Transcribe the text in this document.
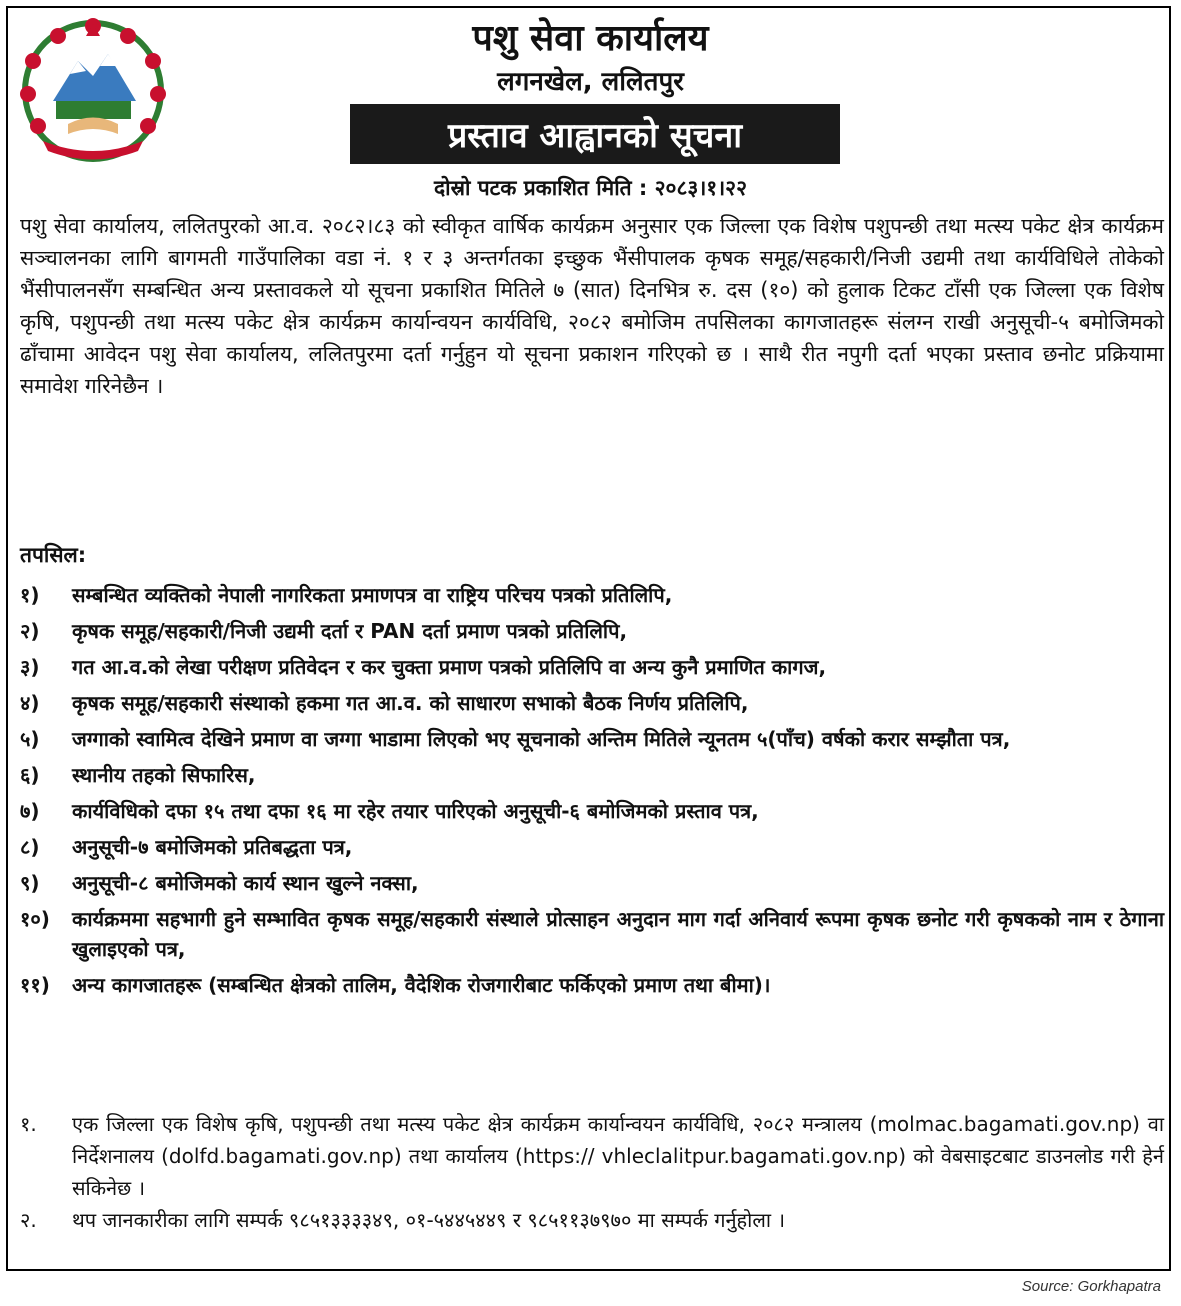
पशु सेवा कार्यालय
लगनखेल, ललितपुर
प्रस्ताव आह्वानको सूचना
दोस्रो पटक प्रकाशित मिति : २०८३।१।२२

पशु सेवा कार्यालय, ललितपुरको आ.व. २०८२।८३ को स्वीकृत वार्षिक कार्यक्रम अनुसार एक जिल्ला एक विशेष पशुपन्छी तथा मत्स्य पकेट क्षेत्र कार्यक्रम सञ्चालनका लागि बागमती गाउँपालिका वडा नं. १ र ३ अन्तर्गतका इच्छुक भैंसीपालक कृषक समूह/सहकारी/निजी उद्यमी तथा कार्यविधिले तोकेको भैंसीपालनसँग सम्बन्धित अन्य प्रस्तावकले यो सूचना प्रकाशित मितिले ७ (सात) दिनभित्र रु. दस (१०) को हुलाक टिकट टाँसी एक जिल्ला एक विशेष कृषि, पशुपन्छी तथा मत्स्य पकेट क्षेत्र कार्यक्रम कार्यान्वयन कार्यविधि, २०८२ बमोजिम तपसिलका कागजातहरू संलग्न राखी अनुसूची-५ बमोजिमको ढाँचामा आवेदन पशु सेवा कार्यालय, ललितपुरमा दर्ता गर्नुहुन यो सूचना प्रकाशन गरिएको छ । साथै रीत नपुगी दर्ता भएका प्रस्ताव छनोट प्रक्रियामा समावेश गरिनेछैन ।

तपसिल:
१)	सम्बन्धित व्यक्तिको नेपाली नागरिकता प्रमाणपत्र वा राष्ट्रिय परिचय पत्रको प्रतिलिपि,
२)	कृषक समूह/सहकारी/निजी उद्यमी दर्ता र PAN दर्ता प्रमाण पत्रको प्रतिलिपि,
३)	गत आ.व.को लेखा परीक्षण प्रतिवेदन र कर चुक्ता प्रमाण पत्रको प्रतिलिपि वा अन्य कुनै प्रमाणित कागज,
४)	कृषक समूह/सहकारी संस्थाको हकमा गत आ.व. को साधारण सभाको बैठक निर्णय प्रतिलिपि,
५)	जग्गाको स्वामित्व देखिने प्रमाण वा जग्गा भाडामा लिएको भए सूचनाको अन्तिम मितिले न्यूनतम ५(पाँच) वर्षको करार सम्झौता पत्र,
६)	स्थानीय तहको सिफारिस,
७)	कार्यविधिको दफा १५ तथा दफा १६ मा रहेर तयार पारिएको अनुसूची-६ बमोजिमको प्रस्ताव पत्र,
८)	अनुसूची-७ बमोजिमको प्रतिबद्धता पत्र,
९)	अनुसूची-८ बमोजिमको कार्य स्थान खुल्ने नक्सा,
१०)	कार्यक्रममा सहभागी हुने सम्भावित कृषक समूह/सहकारी संस्थाले प्रोत्साहन अनुदान माग गर्दा अनिवार्य रूपमा कृषक छनोट गरी कृषकको नाम र ठेगाना खुलाइएको पत्र,
११)	अन्य कागजातहरू (सम्बन्धित क्षेत्रको तालिम, वैदेशिक रोजगारीबाट फर्किएको प्रमाण तथा बीमा)।
१.	एक जिल्ला एक विशेष कृषि, पशुपन्छी तथा मत्स्य पकेट क्षेत्र कार्यक्रम कार्यान्वयन कार्यविधि, २०८२ मन्त्रालय (molmac.bagamati.gov.np) वा निर्देशनालय (dolfd.bagamati.gov.np) तथा कार्यालय (https:// vhleclalitpur.bagamati.gov.np) को वेबसाइटबाट डाउनलोड गरी हेर्न सकिनेछ ।
२.	थप जानकारीका लागि सम्पर्क ९८५१३३३३४९, ०१-५४४५४४९ र ९८५११३७९७० मा सम्पर्क गर्नुहोला ।
Source: Gorkhapatra
